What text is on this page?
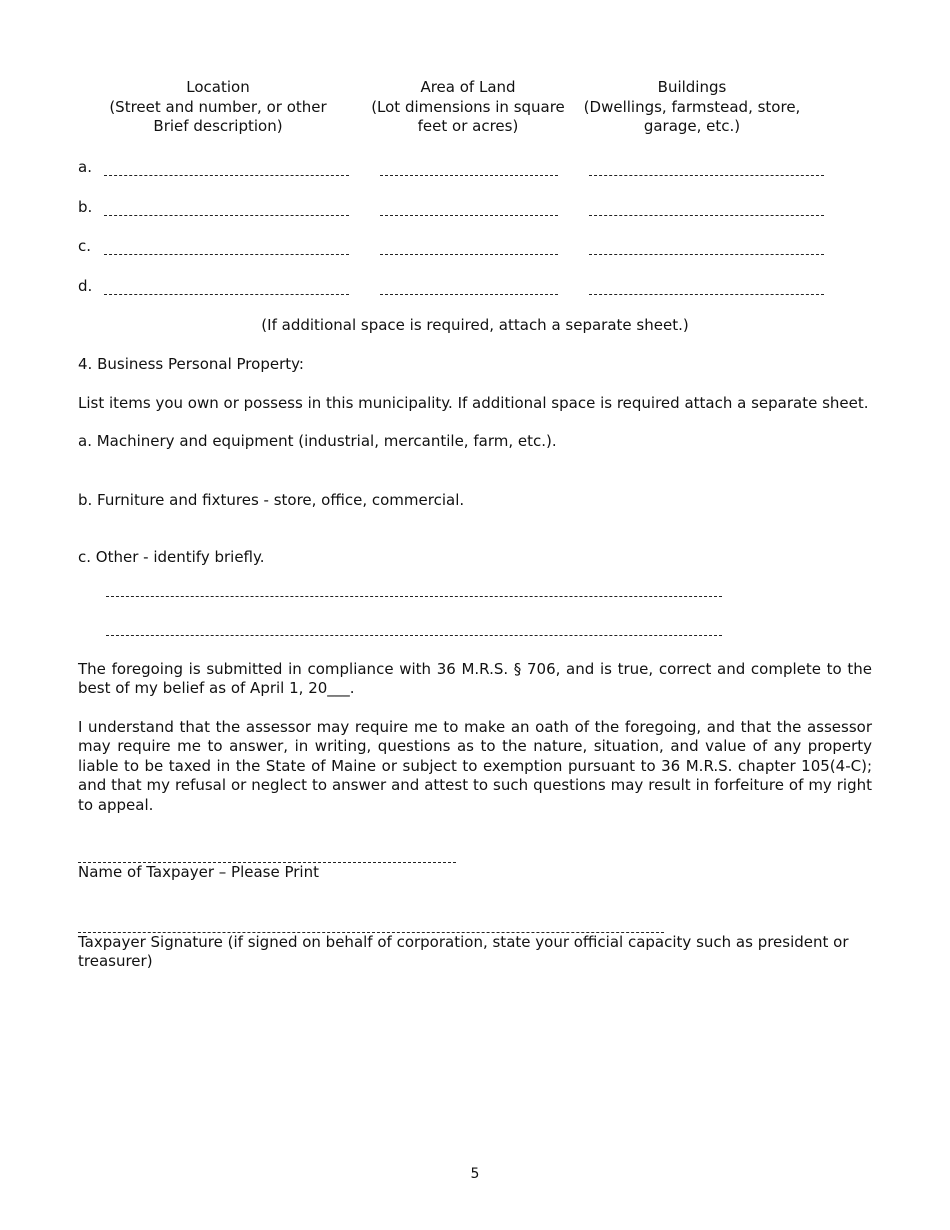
Location
(Street and number, or other
Brief description)
Area of Land
(Lot dimensions in square
feet or acres)
Buildings
(Dwellings, farmstead, store,
garage, etc.)
a.
b.
c.
d.
(If additional space is required, attach a separate sheet.)
4. Business Personal Property:
List items you own or possess in this municipality. If additional space is required attach a separate sheet.
a. Machinery and equipment (industrial, mercantile, farm, etc.).
b. Furniture and fixtures - store, office, commercial.
c. Other - identify briefly.
The foregoing is submitted in compliance with 36 M.R.S. § 706, and is true, correct and complete to the best of my belief as of April 1, 20___.
I understand that the assessor may require me to make an oath of the foregoing, and that the assessor may require me to answer, in writing, questions as to the nature, situation, and value of any property liable to be taxed in the State of Maine or subject to exemption pursuant to 36 M.R.S. chapter 105(4-C); and that my refusal or neglect to answer and attest to such questions may result in forfeiture of my right to appeal.
Name of Taxpayer – Please Print
Taxpayer Signature (if signed on behalf of corporation, state your official capacity such as president or treasurer)
5
